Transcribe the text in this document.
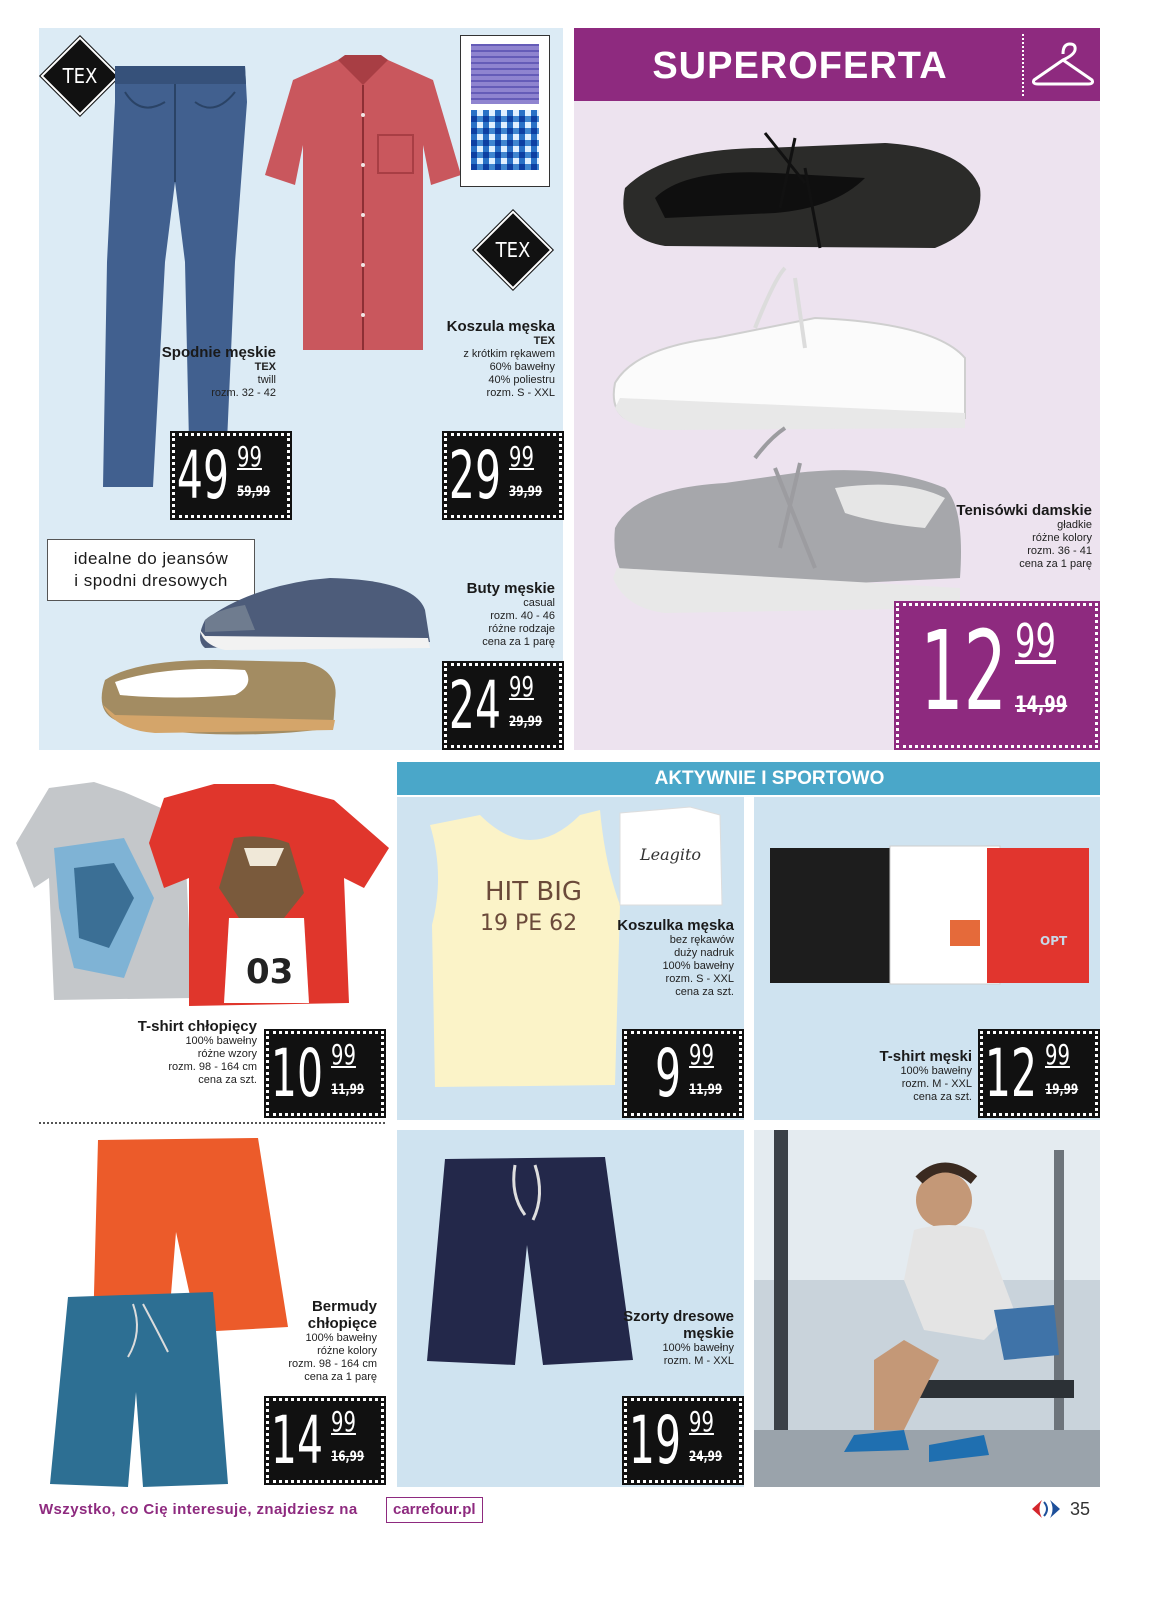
TEX
TEX
Spodnie męskie
TEX
twill
rozm. 32 - 42
Koszula męska
TEX
z krótkim rękawem
60% bawełny
40% poliestru
rozm. S - XXL
49 99
59,99	29 99
39,99
idealne do jeansów
i spodni dresowych	Buty męskie
casual
rozm. 40 - 46
różne rodzaje
cena za 1 parę
24 99
29,99
SUPEROFERTA
Tenisówki damskie
gładkie
różne kolory
rozm. 36 - 41
cena za 1 parę
12 99
14,99
03
T-shirt chłopięcy
100% bawełny
różne wzory
rozm. 98 - 164 cm
cena za szt. 10 99
11,99
AKTYWNIE I SPORTOWO
HIT BIG
19 PE 62
Leagito
Koszulka męska
bez rękawów
duży nadruk
100% bawełny
rozm. S - XXL
cena za szt.
9 99
11,99
OPT
T-shirt męski
100% bawełny
rozm. M - XXL
cena za szt. 12 99
19,99
Bermudy chłopięce
100% bawełny
różne kolory
rozm. 98 - 164 cm
cena za 1 parę
14 99
16,99
Szorty dresowe męskie
100% bawełny
rozm. M - XXL
19 99
24,99
Wszystko, co Cię interesuje, znajdziesz na	carrefour.pl	35
